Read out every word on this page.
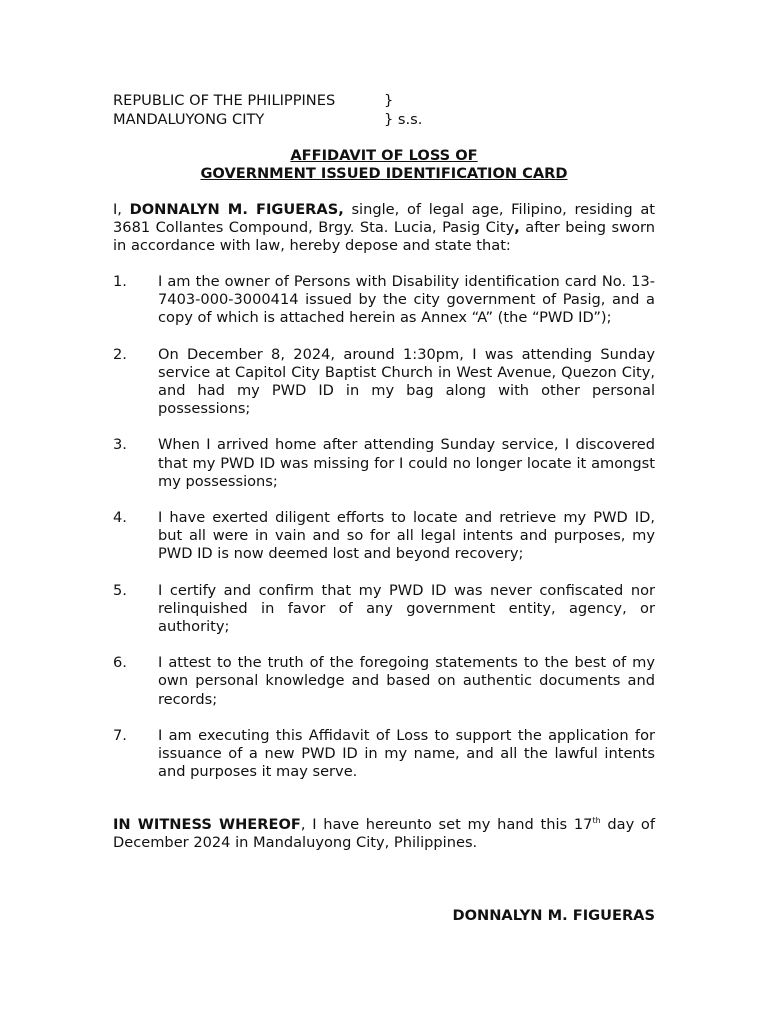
REPUBLIC OF THE PHILIPPINES	}
MANDALUYONG CITY	} s.s.
AFFIDAVIT OF LOSS OF
GOVERNMENT ISSUED IDENTIFICATION CARD
I, DONNALYN M. FIGUERAS, single, of legal age, Filipino, residing at 3681 Collantes Compound, Brgy. Sta. Lucia, Pasig City, after being sworn in accordance with law, hereby depose and state that:
1. I am the owner of Persons with Disability identification card No. 13-7403-000-3000414 issued by the city government of Pasig, and a copy of which is attached herein as Annex “A” (the “PWD ID”);
2. On December 8, 2024, around 1:30pm, I was attending Sunday service at Capitol City Baptist Church in West Avenue, Quezon City, and had my PWD ID in my bag along with other personal possessions;
3. When I arrived home after attending Sunday service, I discovered that my PWD ID was missing for I could no longer locate it amongst my possessions;
4. I have exerted diligent efforts to locate and retrieve my PWD ID, but all were in vain and so for all legal intents and purposes, my PWD ID is now deemed lost and beyond recovery;
5. I certify and confirm that my PWD ID was never confiscated nor relinquished in favor of any government entity, agency, or authority;
6. I attest to the truth of the foregoing statements to the best of my own personal knowledge and based on authentic documents and records;
7. I am executing this Affidavit of Loss to support the application for issuance of a new PWD ID in my name, and all the lawful intents and purposes it may serve.
IN WITNESS WHEREOF, I have hereunto set my hand this 17th day of December 2024 in Mandaluyong City, Philippines.
DONNALYN M. FIGUERAS
